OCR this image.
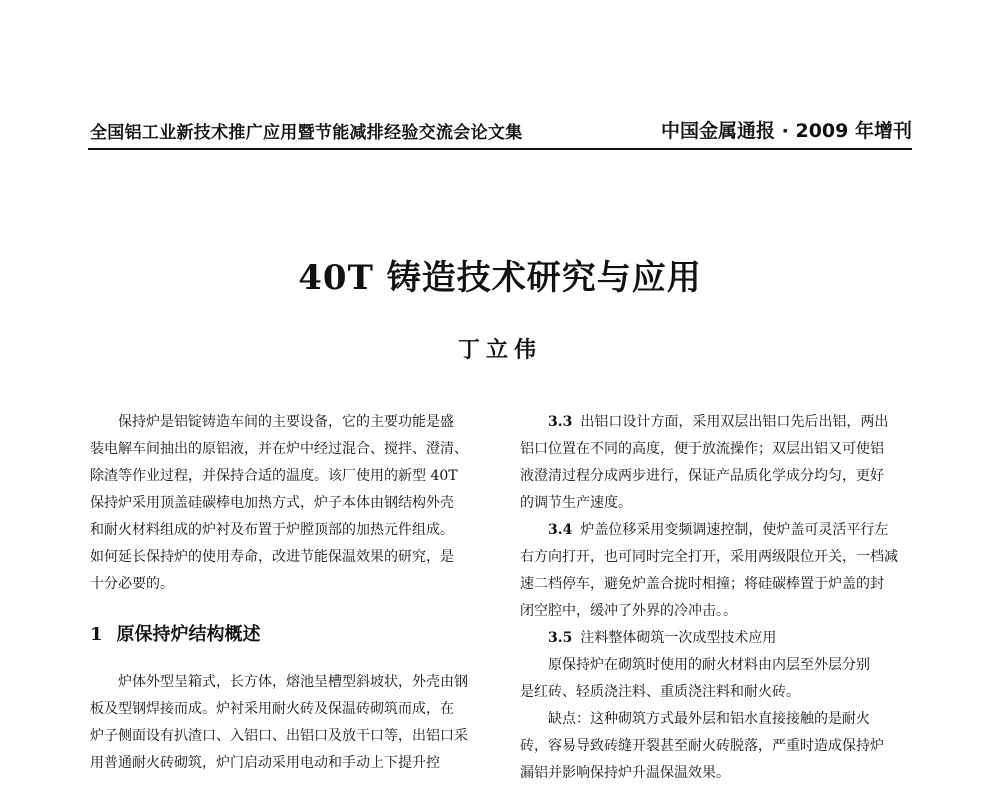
全国铝工业新技术推广应用暨节能减排经验交流会论文集	中国金属通报 · 2009 年增刊
40T 铸造技术研究与应用
丁立伟

保持炉是铝锭铸造车间的主要设备，它的主要功能是盛

装电解车间抽出的原铝液，并在炉中经过混合、搅拌、澄清、

除渣等作业过程，并保持合适的温度。该厂使用的新型 40T

保持炉采用顶盖硅碳棒电加热方式，炉子本体由钢结构外壳

和耐火材料组成的炉衬及布置于炉膛顶部的加热元件组成。

如何延长保持炉的使用寿命，改进节能保温效果的研究，是

十分必要的。

1 原保持炉结构概述

炉体外型呈箱式，长方体，熔池呈槽型斜坡状，外壳由钢

板及型钢焊接而成。炉衬采用耐火砖及保温砖砌筑而成，在

炉子侧面设有扒渣口、入铝口、出铝口及放干口等，出铝口采

用普通耐火砖砌筑，炉门启动采用电动和手动上下提升控

3.3 出铝口设计方面，采用双层出铝口先后出铝，两出

铝口位置在不同的高度，便于放流操作；双层出铝又可使铝

液澄清过程分成两步进行，保证产品质化学成分均匀，更好

的调节生产速度。

3.4 炉盖位移采用变频调速控制，使炉盖可灵活平行左

右方向打开，也可同时完全打开，采用两级限位开关，一档减

速二档停车，避免炉盖合拢时相撞；将硅碳棒置于炉盖的封

闭空腔中，缓冲了外界的冷冲击。。

3.5 注料整体砌筑一次成型技术应用

原保持炉在砌筑时使用的耐火材料由内层至外层分别

是红砖、轻质浇注料、重质浇注料和耐火砖。

缺点：这种砌筑方式最外层和铝水直接接触的是耐火

砖，容易导致砖缝开裂甚至耐火砖脱落，严重时造成保持炉

漏铝并影响保持炉升温保温效果。
